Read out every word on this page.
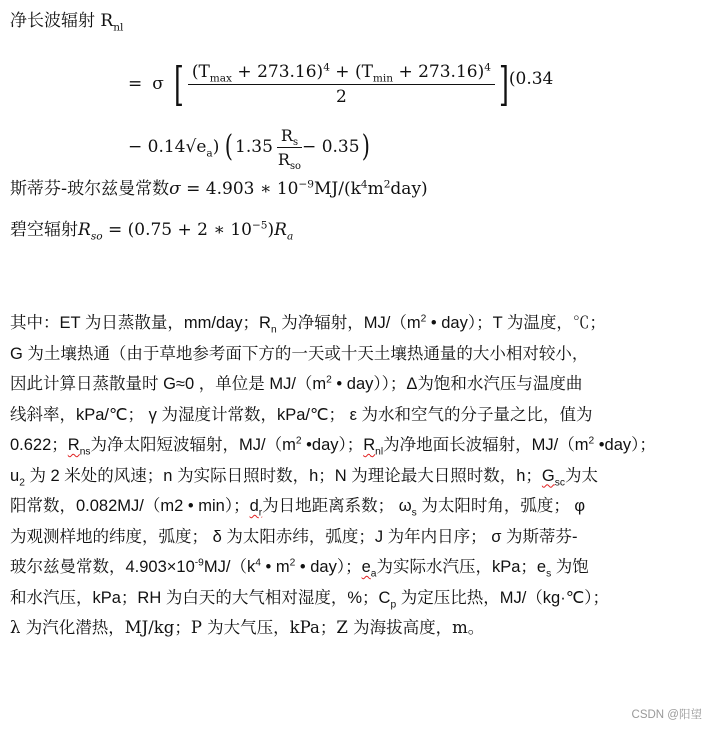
净长波辐射 $R_{nl}$
= σ [ $\frac{(T_{max} + 273.16)^4 + (T_{min} + 273.16)^4}{2}$ ] (0.34
− $0.14√e_a$) ( $1.35 \frac{R_s}{R_{so}} - 0.35$ )
斯蒂芬-玻尔兹曼常数σ = 4.903 ∗ $10^{-9}MJ/(k^4m^2day)$
碧空辐射$R_{so} = (0.75 + 2$ ∗ $10^{-5})R_a$
其中：ET 为日蒸散量，mm/day；$R_n$ 为净辐射，$MJ/(m^2$ • day）；T 为温度，℃；
G 为土壤热通（由于草地参考面下方的一天或十天土壤热通量的大小相对较小，
因此计算日蒸散量时 G≈0 ，单位是 $MJ/(m^2$ • day））；Δ为饱和水汽压与温度曲
线斜率，kPa/℃； γ 为湿度计常数，kPa/℃； ε 为水和空气的分子量之比，值为
0.622；$R_{ns}$为净太阳短波辐射，$MJ/(m^2$ •day）；$R_{nl}$为净地面长波辐射，$MJ/(m^2$ •day）；
$u_2$ 为 2 米处的风速；n 为实际日照时数，h；N 为理论最大日照时数，h；$G_{sc}$为太
阳常数，0.082MJ/（m2 • min）；$d_r$为日地距离系数； $\omega_s$ 为太阳时角，弧度； φ
为观测样地的纬度，弧度； δ 为太阳赤纬，弧度；J 为年内日序； σ 为斯蒂芬-
玻尔兹曼常数，$4.903\times 10^{-9}MJ/(k^4$ • $m^2$ • day）；$e_a$为实际水汽压，kPa；$e_s$ 为饱
和水汽压，kPa；RH 为白天的大气相对湿度，%；$C_p$ 为定压比热，MJ/（kg·℃）；
λ 为汽化潜热，MJ/kg；P 为大气压，kPa；Z 为海拔高度，m。
CSDN @阳望
